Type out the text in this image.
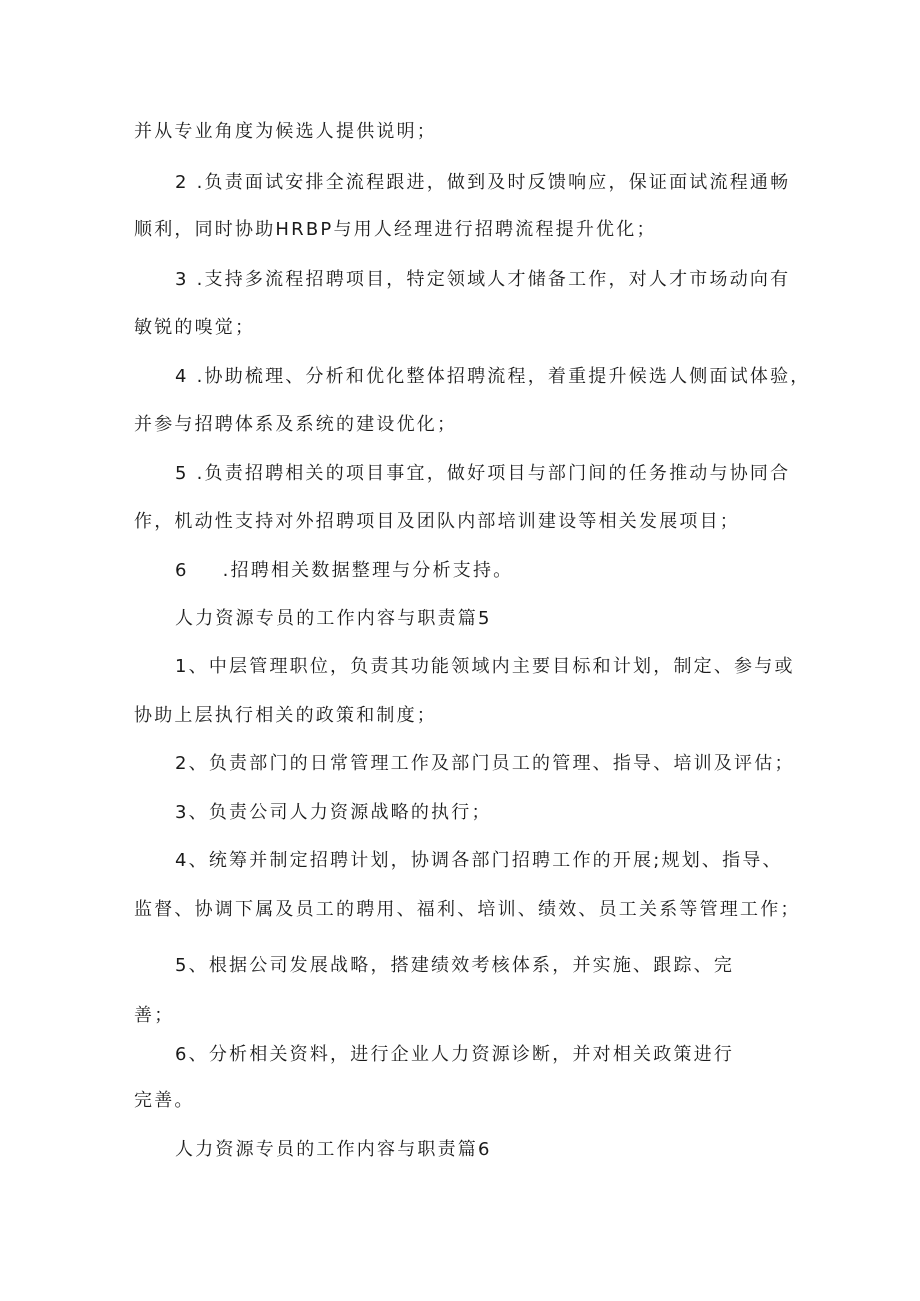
并从专业角度为候选人提供说明；
2 .负责面试安排全流程跟进，做到及时反馈响应，保证面试流程通畅
顺利，同时协助HRBP与用人经理进行招聘流程提升优化；
3 .支持多流程招聘项目，特定领域人才储备工作，对人才市场动向有
敏锐的嗅觉；
4 .协助梳理、分析和优化整体招聘流程，着重提升候选人侧面试体验，
并参与招聘体系及系统的建设优化；
5 .负责招聘相关的项目事宜，做好项目与部门间的任务推动与协同合
作，机动性支持对外招聘项目及团队内部培训建设等相关发展项目；
6 .招聘相关数据整理与分析支持。
人力资源专员的工作内容与职责篇5
1、中层管理职位，负责其功能领域内主要目标和计划，制定、参与或
协助上层执行相关的政策和制度；
2、负责部门的日常管理工作及部门员工的管理、指导、培训及评估；
3、负责公司人力资源战略的执行；
4、统筹并制定招聘计划，协调各部门招聘工作的开展;规划、指导、
监督、协调下属及员工的聘用、福利、培训、绩效、员工关系等管理工作；
5、根据公司发展战略，搭建绩效考核体系，并实施、跟踪、完
善；
6、分析相关资料，进行企业人力资源诊断，并对相关政策进行
完善。
人力资源专员的工作内容与职责篇6
